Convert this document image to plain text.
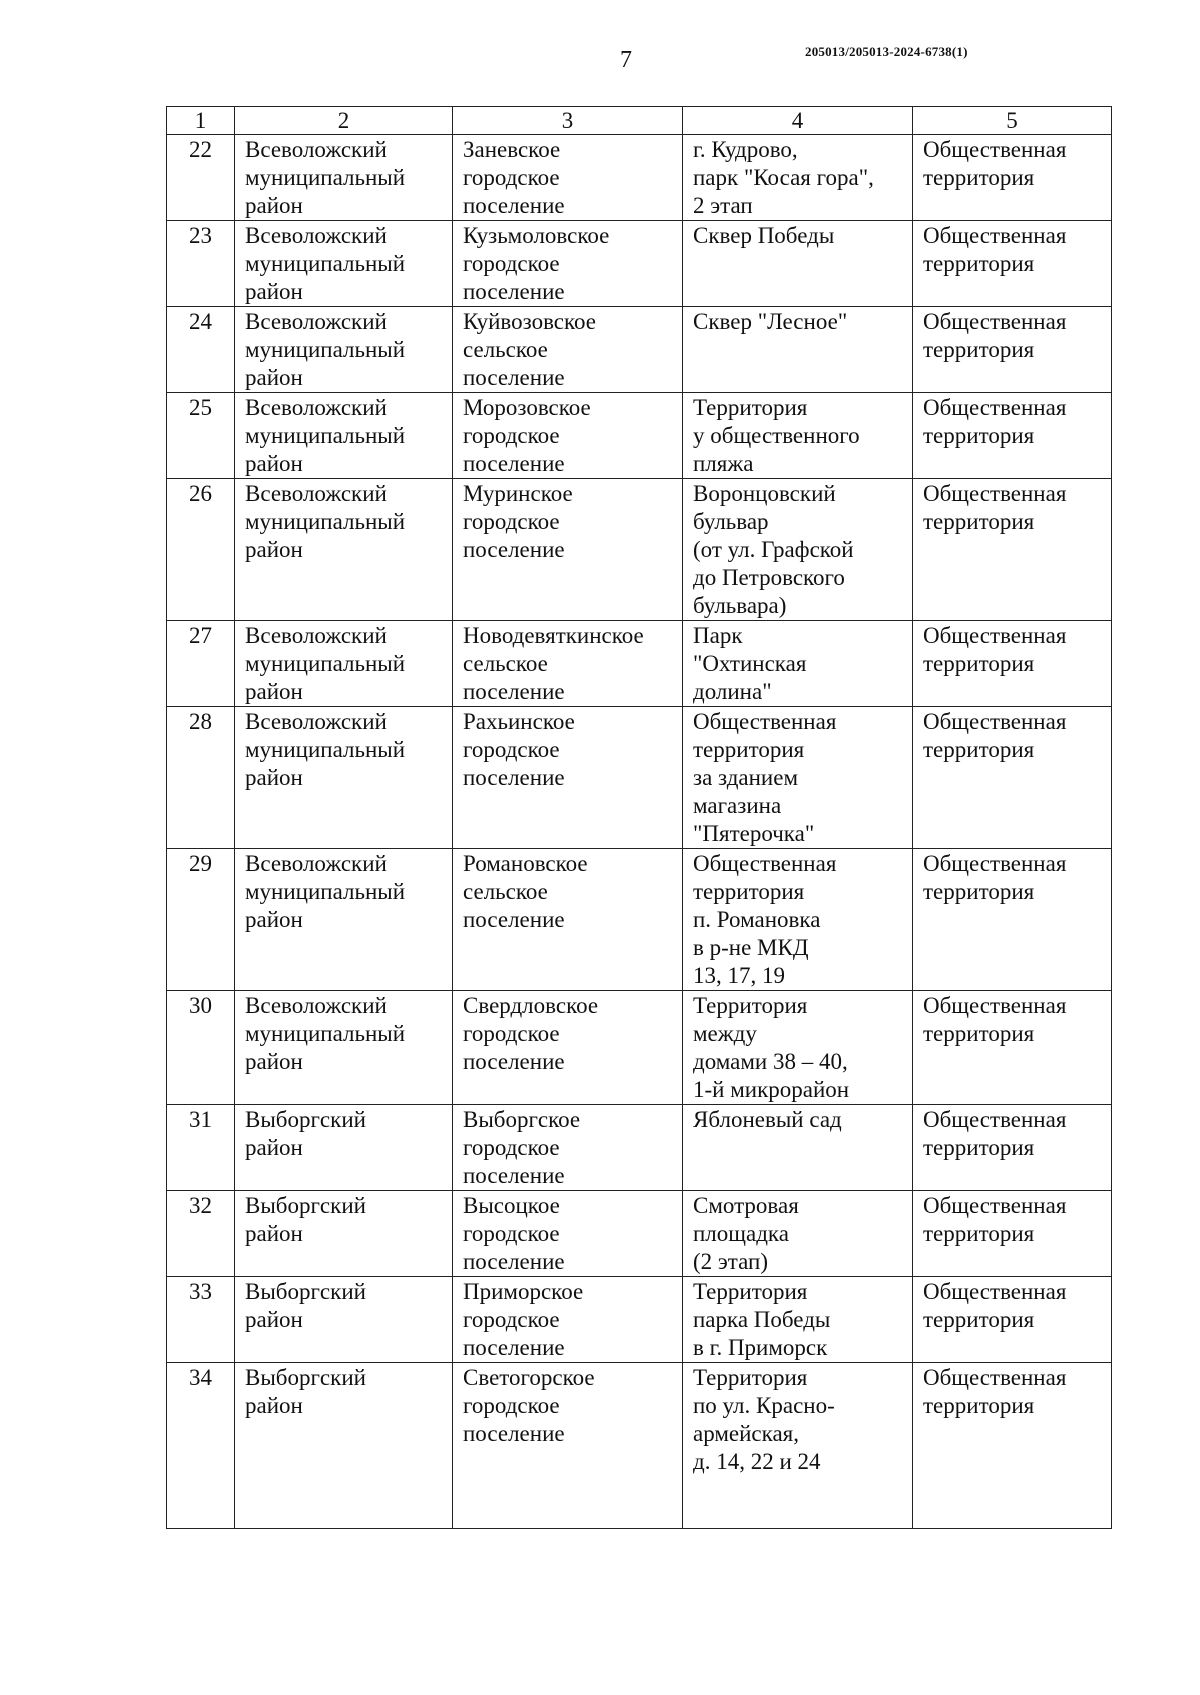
7	205013/205013-2024-6738(1)
1	2	3	4	5
22	Всеволожский
муниципальный
район	Заневское
городское
поселение	г. Кудрово,
парк "Косая гора",
2 этап	Общественная
территория
23	Всеволожский
муниципальный
район	Кузьмоловское
городское
поселение	Сквер Победы	Общественная
территория
24	Всеволожский
муниципальный
район	Куйвозовское
сельское
поселение	Сквер "Лесное"	Общественная
территория
25	Всеволожский
муниципальный
район	Морозовское
городское
поселение	Территория
у общественного
пляжа	Общественная
территория
26	Всеволожский
муниципальный
район	Муринское
городское
поселение	Воронцовский
бульвар
(от ул. Графской
до Петровского
бульвара)	Общественная
территория
27	Всеволожский
муниципальный
район	Новодевяткинское
сельское
поселение	Парк
"Охтинская
долина"	Общественная
территория
28	Всеволожский
муниципальный
район	Рахьинское
городское
поселение	Общественная
территория
за зданием
магазина
"Пятерочка"	Общественная
территория
29	Всеволожский
муниципальный
район	Романовское
сельское
поселение	Общественная
территория
п. Романовка
в р-не МКД
13, 17, 19	Общественная
территория
30	Всеволожский
муниципальный
район	Свердловское
городское
поселение	Территория
между
домами 38 – 40,
1-й микрорайон	Общественная
территория
31	Выборгский
район	Выборгское
городское
поселение	Яблоневый сад	Общественная
территория
32	Выборгский
район	Высоцкое
городское
поселение	Смотровая
площадка
(2 этап)	Общественная
территория
33	Выборгский
район	Приморское
городское
поселение	Территория
парка Победы
в г. Приморск	Общественная
территория
34	Выборгский
район	Светогорское
городское
поселение	Территория
по ул. Красно-
армейская,
д. 14, 22 и 24	Общественная
территория
